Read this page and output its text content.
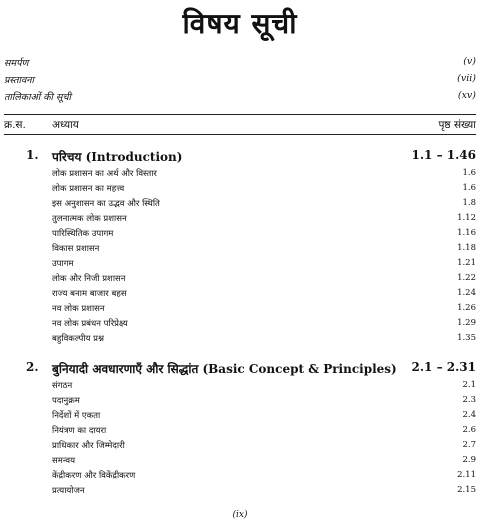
विषय सूची
समर्पण	(v)
प्रस्तावना	(vii)
तालिकाओं की सूची	(xv)
क्र.स. अध्याय	पृष्ठ संख्या
1. परिचय (Introduction)	1.1 – 1.46
लोक प्रशासन का अर्थ और विस्तार	1.6
लोक प्रशासन का महत्त्व	1.6
इस अनुशासन का उद्भव और स्थिति	1.8
तुलनात्मक लोक प्रशासन	1.12
पारिस्थितिक उपागम	1.16
विकास प्रशासन	1.18
उपागम	1.21
लोक और निजी प्रशासन	1.22
राज्य बनाम बाजार बहस	1.24
नव लोक प्रशासन	1.26
नव लोक प्रबंधन परिप्रेक्ष्य	1.29
बहुविकल्पीय प्रश्न	1.35
2. बुनियादी अवधारणाएँ और सिद्धांत (Basic Concept & Principles) 2.1 – 2.31
संगठन	2.1
पदानुक्रम	2.3
निर्देशों में एकता	2.4
नियंत्रण का दायरा	2.6
प्राधिकार और जिम्मेदारी	2.7
समन्वय	2.9
केंद्रीकरण और विकेंद्रीकरण	2.11
प्रत्यायोजन	2.15
(ix)
